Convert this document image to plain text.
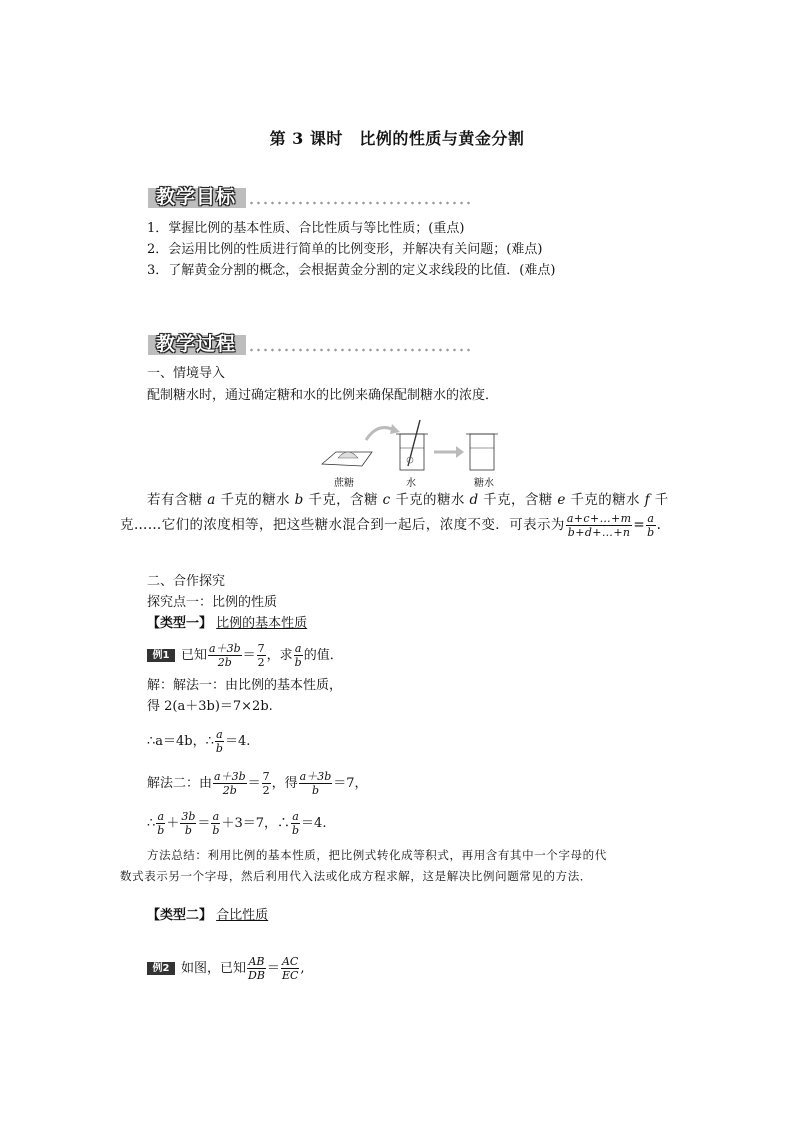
第 3 课时　比例的性质与黄金分割
教学目标
1．掌握比例的基本性质、合比性质与等比性质；(重点)
2．会运用比例的性质进行简单的比例变形，并解决有关问题；(难点)
3．了解黄金分割的概念，会根据黄金分割的定义求线段的比值．(难点)
教学过程
一、情境导入
配制糖水时，通过确定糖和水的比例来确保配制糖水的浓度．
蔗糖	水	糖水
若有含糖 a 千克的糖水 b 千克，含糖 c 千克的糖水 d 千克，含糖 e 千克的糖水 f 千
克……它们的浓度相等，把这些糖水混合到一起后，浓度不变．可表示为 $\frac{a+c+\dots+m}{b+d+\dots+n} = \frac{a}{b}$ .
二、合作探究
探究点一：比例的性质
【类型一】 比例的基本性质
例1 已知 $\frac{a+3b}{2b} = \frac{7}{2}$ ，求 $\frac{a}{b}$ 的值．
解：解法一：由比例的基本性质，
得 2(a＋3b)＝7×2b.
∴a＝4b，∴ $\frac{a}{b} =4$.
解法二：由 $\frac{a+3b}{2b} = \frac{7}{2}$ ，得 $\frac{a+3b}{b} =7$，
∴ $\frac{a}{b} + \frac{3b}{b} = \frac{a}{b} +3=7$，∴ $\frac{a}{b} =4$.
方法总结：利用比例的基本性质，把比例式转化成等积式，再用含有其中一个字母的代
数式表示另一个字母，然后利用代入法或化成方程求解，这是解决比例问题常见的方法．
【类型二】 合比性质
例2 如图，已知 $\frac{AB}{DB} = \frac{AC}{EC}$ ,
